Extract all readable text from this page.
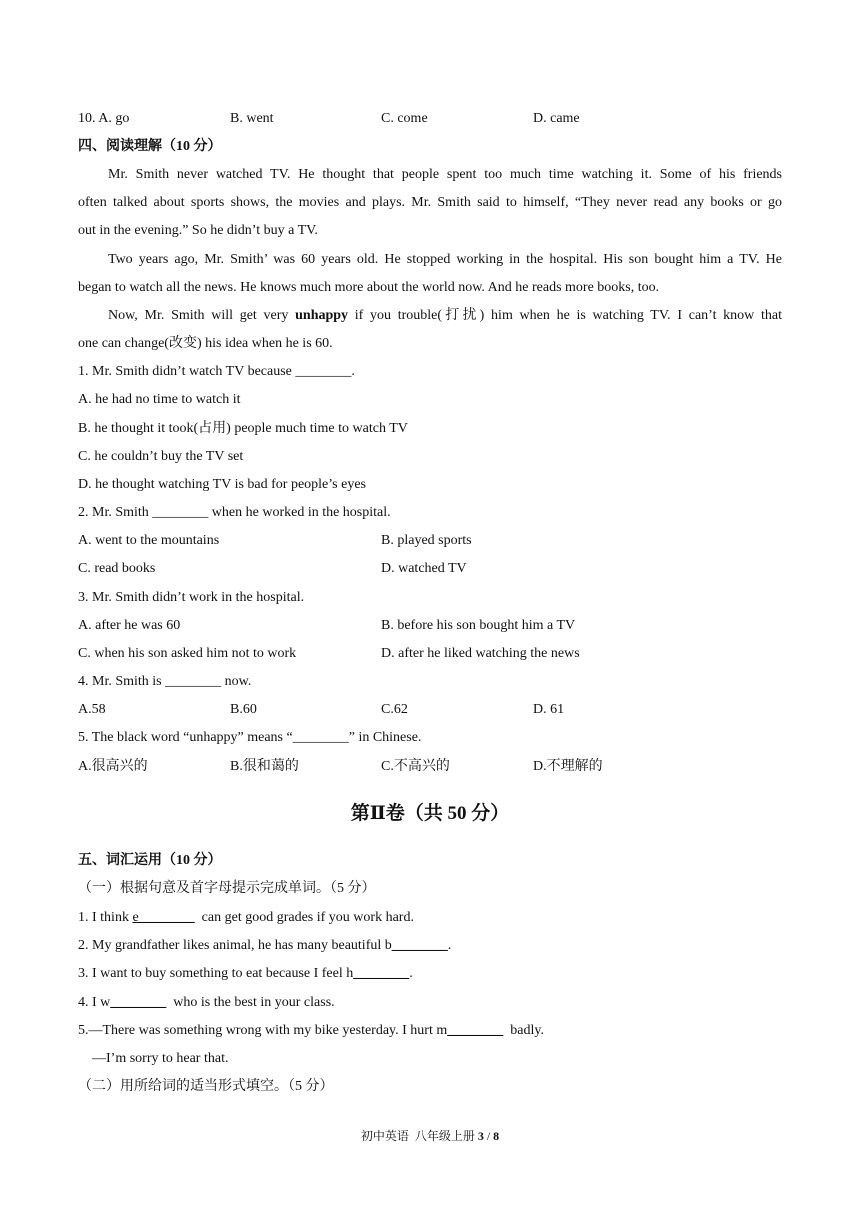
10. A. go	B. went	C. come	D. came
四、阅读理解（10 分）
Mr. Smith never watched TV. He thought that people spent too much time watching it. Some of his friends
often talked about sports shows, the movies and plays. Mr. Smith said to himself, “They never read any books or go
out in the evening.” So he didn’t buy a TV.
Two years ago, Mr. Smith’ was 60 years old. He stopped working in the hospital. His son bought him a TV. He
began to watch all the news. He knows much more about the world now. And he reads more books, too.
Now, Mr. Smith will get very unhappy if you trouble(打扰) him when he is watching TV. I can’t know that
one can change(改变) his idea when he is 60.
1. Mr. Smith didn’t watch TV because ________.
A. he had no time to watch it
B. he thought it took(占用) people much time to watch TV
C. he couldn’t buy the TV set
D. he thought watching TV is bad for people’s eyes
2. Mr. Smith ________ when he worked in the hospital.
A. went to the mountains	B. played sports
C. read books	D. watched TV
3. Mr. Smith didn’t work in the hospital.
A. after he was 60	B. before his son bought him a TV
C. when his son asked him not to work	D. after he liked watching the news
4. Mr. Smith is ________ now.
A.58	B.60	C.62	D. 61
5. The black word “unhappy” means “________” in Chinese.
A.很高兴的	B.很和蔼的	C.不高兴的	D.不理解的
第Ⅱ卷（共 50 分）
五、词汇运用（10 分）
（一）根据句意及首字母提示完成单词。（5 分）
1. I think e________  can get good grades if you work hard.
2. My grandfather likes animal, he has many beautiful b________.
3. I want to buy something to eat because I feel h________.
4. I w________  who is the best in your class.
5.—There was something wrong with my bike yesterday. I hurt m________  badly.
—I’m sorry to hear that.
（二）用所给词的适当形式填空。（5 分）
初中英语  八年级上册 3 / 8
